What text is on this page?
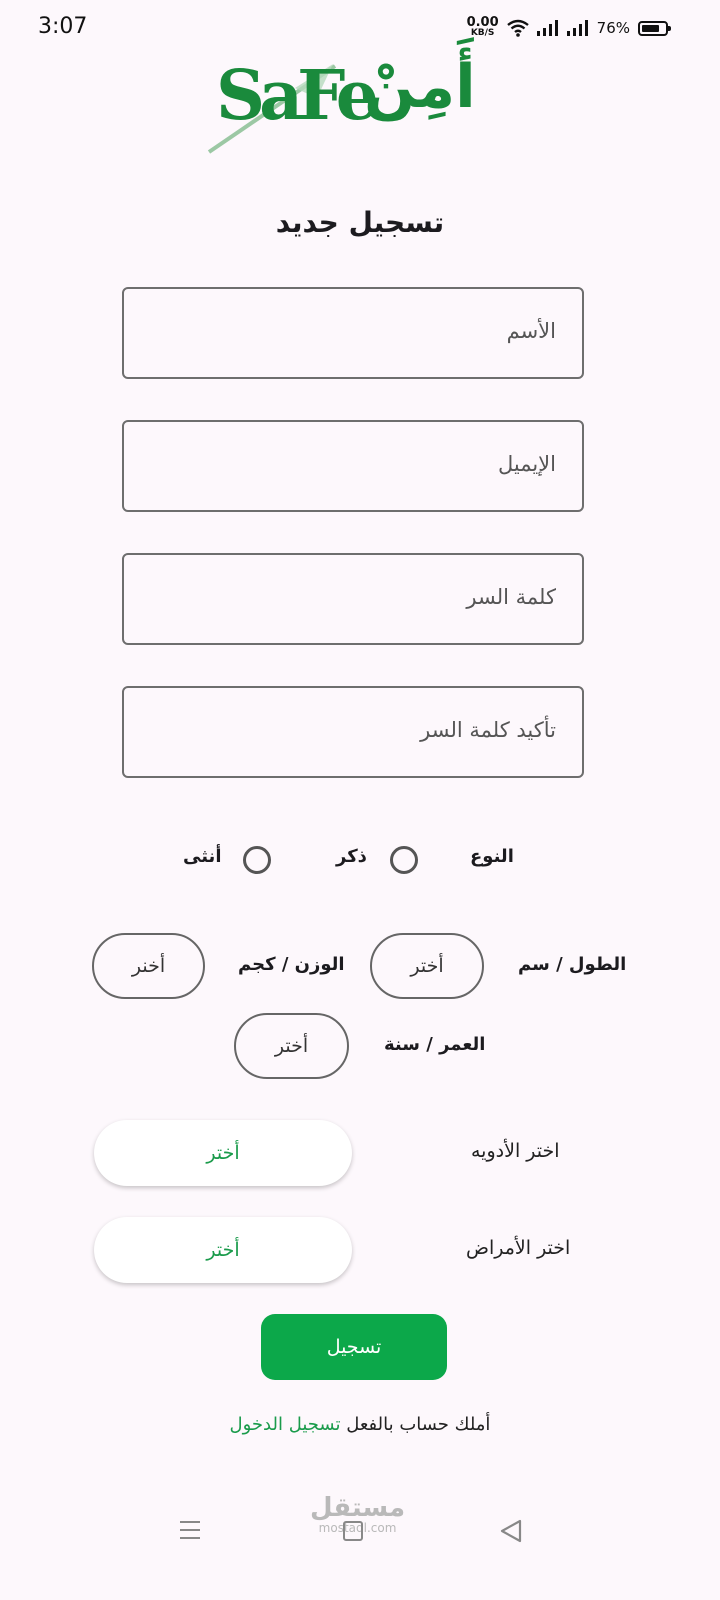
3:07	0.00
KB/S	76%
SaFe
أَمِنْ
تسجيل جديد
الأسم
الإيميل
كلمة السر
تأكيد كلمة السر
النوع
ذكر
أنثى
الطول / سم
أختر
الوزن / كجم
أخنر
العمر / سنة
أختر
اختر الأدويه
أختر
اختر الأمراض
أختر
تسجيل
أملك حساب بالفعل تسجيل الدخول
مستقل
mostaql.com
